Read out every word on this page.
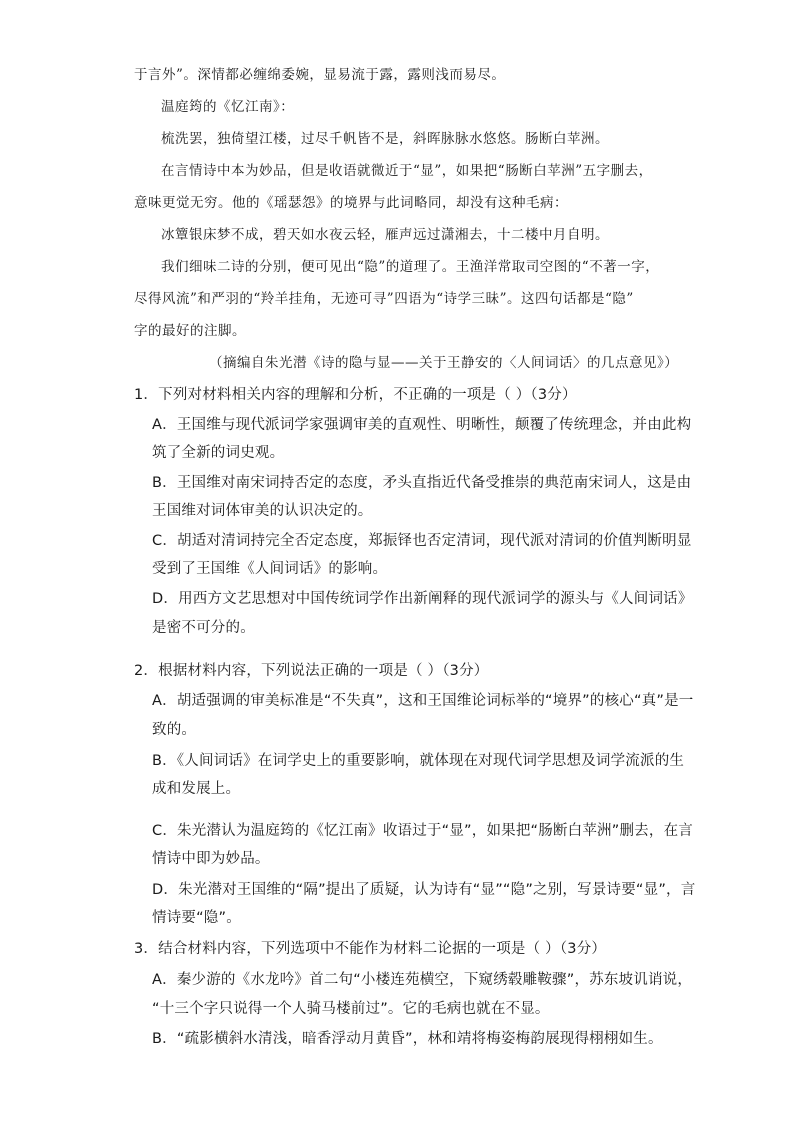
于言外”。深情都必缠绵委婉，显易流于露，露则浅而易尽。
温庭筠的《忆江南》：
梳洗罢，独倚望江楼，过尽千帆皆不是，斜晖脉脉水悠悠。肠断白苹洲。
在言情诗中本为妙品，但是收语就微近于“显”，如果把“肠断白苹洲”五字删去，
意味更觉无穷。他的《瑶瑟怨》的境界与此词略同，却没有这种毛病：
冰簟银床梦不成，碧天如水夜云轻，雁声远过潇湘去，十二楼中月自明。
我们细味二诗的分别，便可见出“隐”的道理了。王渔洋常取司空图的“不著一字，
尽得风流”和严羽的“羚羊挂角，无迹可寻”四语为“诗学三昧”。这四句话都是“隐”
字的最好的注脚。
（摘编自朱光潜《诗的隐与显——关于王静安的〈人间词话〉的几点意见》）
1．下列对材料相关内容的理解和分析，不正确的一项是（ ）（3分）
A．王国维与现代派词学家强调审美的直观性、明晰性，颠覆了传统理念，并由此构
筑了全新的词史观。
B．王国维对南宋词持否定的态度，矛头直指近代备受推崇的典范南宋词人，这是由
王国维对词体审美的认识决定的。
C．胡适对清词持完全否定态度，郑振铎也否定清词，现代派对清词的价值判断明显
受到了王国维《人间词话》的影响。
D．用西方文艺思想对中国传统词学作出新阐释的现代派词学的源头与《人间词话》
是密不可分的。
2．根据材料内容，下列说法正确的一项是（ ）（3分）
A．胡适强调的审美标准是“不失真”，这和王国维论词标举的“境界”的核心“真”是一
致的。
B．《人间词话》在词学史上的重要影响，就体现在对现代词学思想及词学流派的生
成和发展上。
C．朱光潜认为温庭筠的《忆江南》收语过于“显”，如果把“肠断白苹洲”删去，在言
情诗中即为妙品。
D．朱光潜对王国维的“隔”提出了质疑，认为诗有“显”“隐”之别，写景诗要“显”，言
情诗要“隐”。
3．结合材料内容，下列选项中不能作为材料二论据的一项是（ ）（3分）
A．秦少游的《水龙吟》首二句“小楼连苑横空，下窥绣毂雕鞍骤”，苏东坡讥诮说，
“十三个字只说得一个人骑马楼前过”。它的毛病也就在不显。
B．“疏影横斜水清浅，暗香浮动月黄昏”，林和靖将梅姿梅韵展现得栩栩如生。
